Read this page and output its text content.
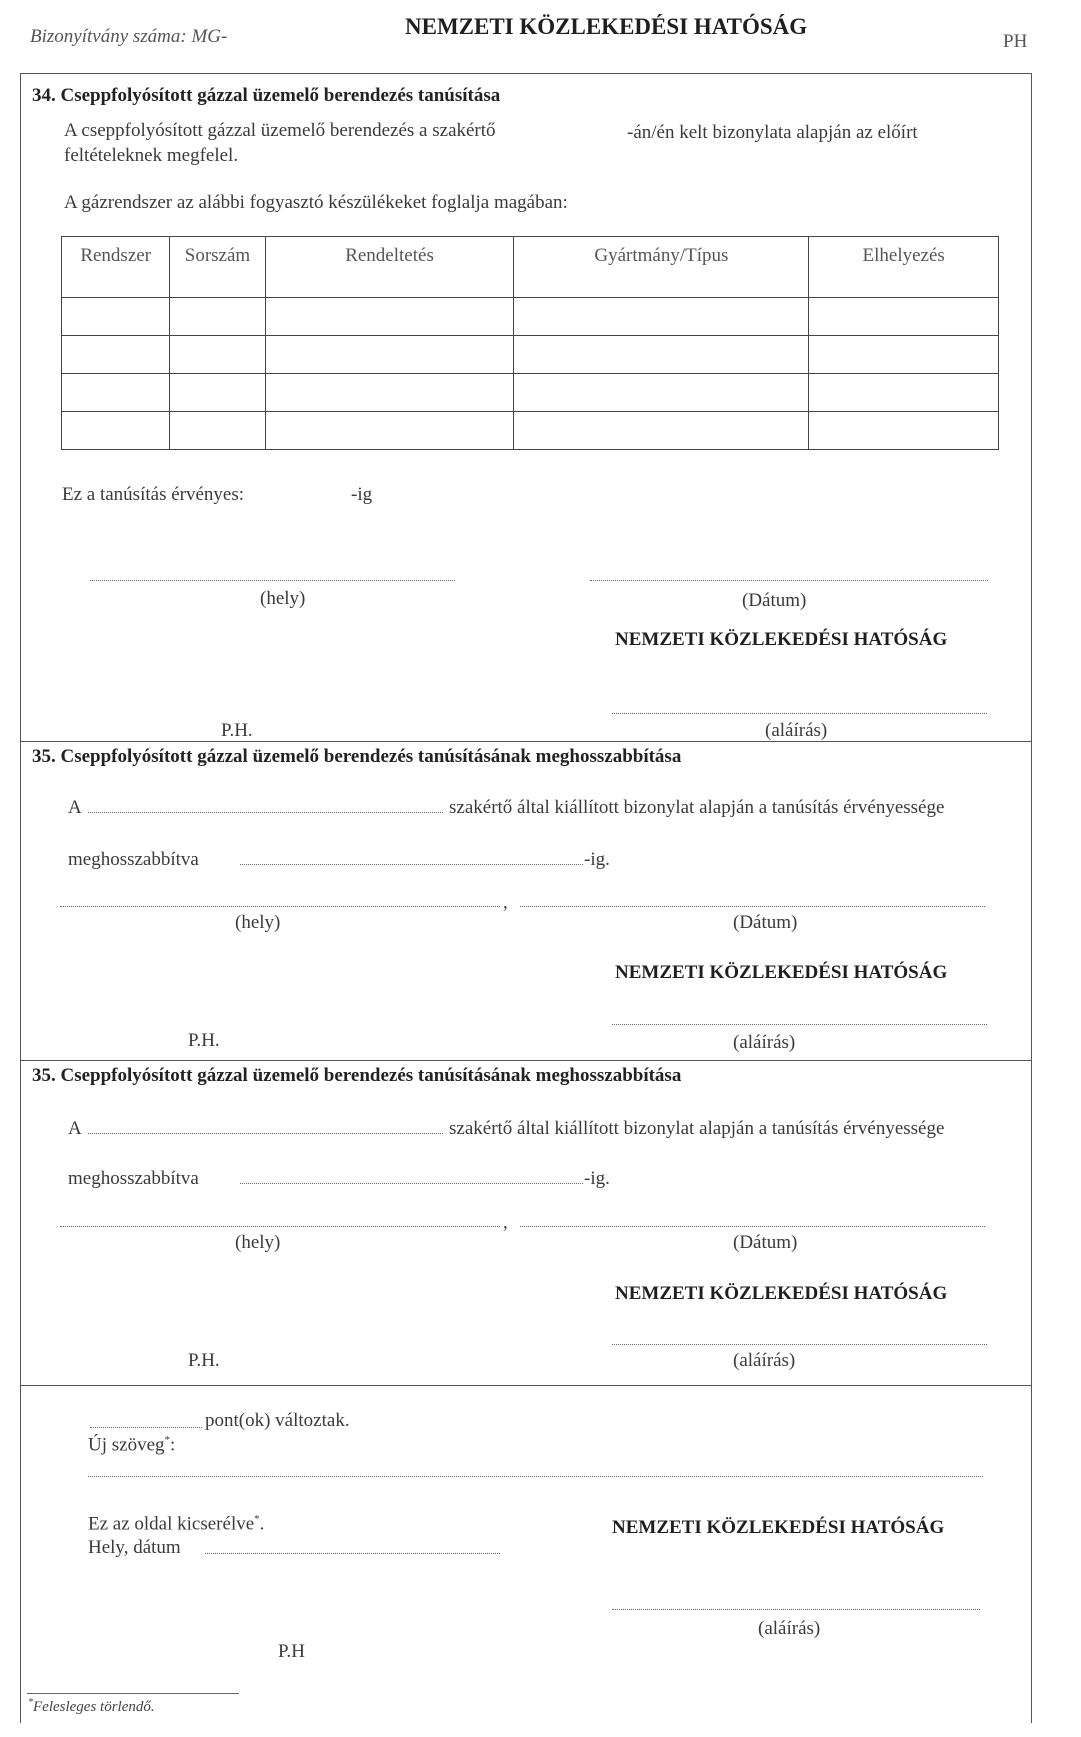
Bizonyítvány száma: MG-	NEMZETI KÖZLEKEDÉSI HATÓSÁG
PH
34. Cseppfolyósított gázzal üzemelő berendezés tanúsítása
A cseppfolyósított gázzal üzemelő berendezés a szakértő	-án/én kelt bizonylata alapján az előírt
feltételeknek megfelel.
A gázrendszer az alábbi fogyasztó készülékeket foglalja magában:
Rendszer	Sorszám	Rendeltetés	Gyártmány/Típus	Elhelyezés

Ez a tanúsítás érvényes:	-ig
(hely)	(Dátum)
NEMZETI KÖZLEKEDÉSI HATÓSÁG
P.H.	(aláírás)
35. Cseppfolyósított gázzal üzemelő berendezés tanúsításának meghosszabbítása
A	szakértő által kiállított bizonylat alapján a tanúsítás érvényessége
meghosszabbítva	-ig.
,
(hely)	(Dátum)
NEMZETI KÖZLEKEDÉSI HATÓSÁG
P.H.	(aláírás)
35. Cseppfolyósított gázzal üzemelő berendezés tanúsításának meghosszabbítása
A	szakértő által kiállított bizonylat alapján a tanúsítás érvényessége
meghosszabbítva	-ig.
,
(hely)	(Dátum)
NEMZETI KÖZLEKEDÉSI HATÓSÁG
P.H.	(aláírás)
pont(ok) változtak.
Új szöveg*:
Ez az oldal kicserélve*.
Hely, dátum
NEMZETI KÖZLEKEDÉSI HATÓSÁG
(aláírás)
P.H
*Felesleges törlendő.
